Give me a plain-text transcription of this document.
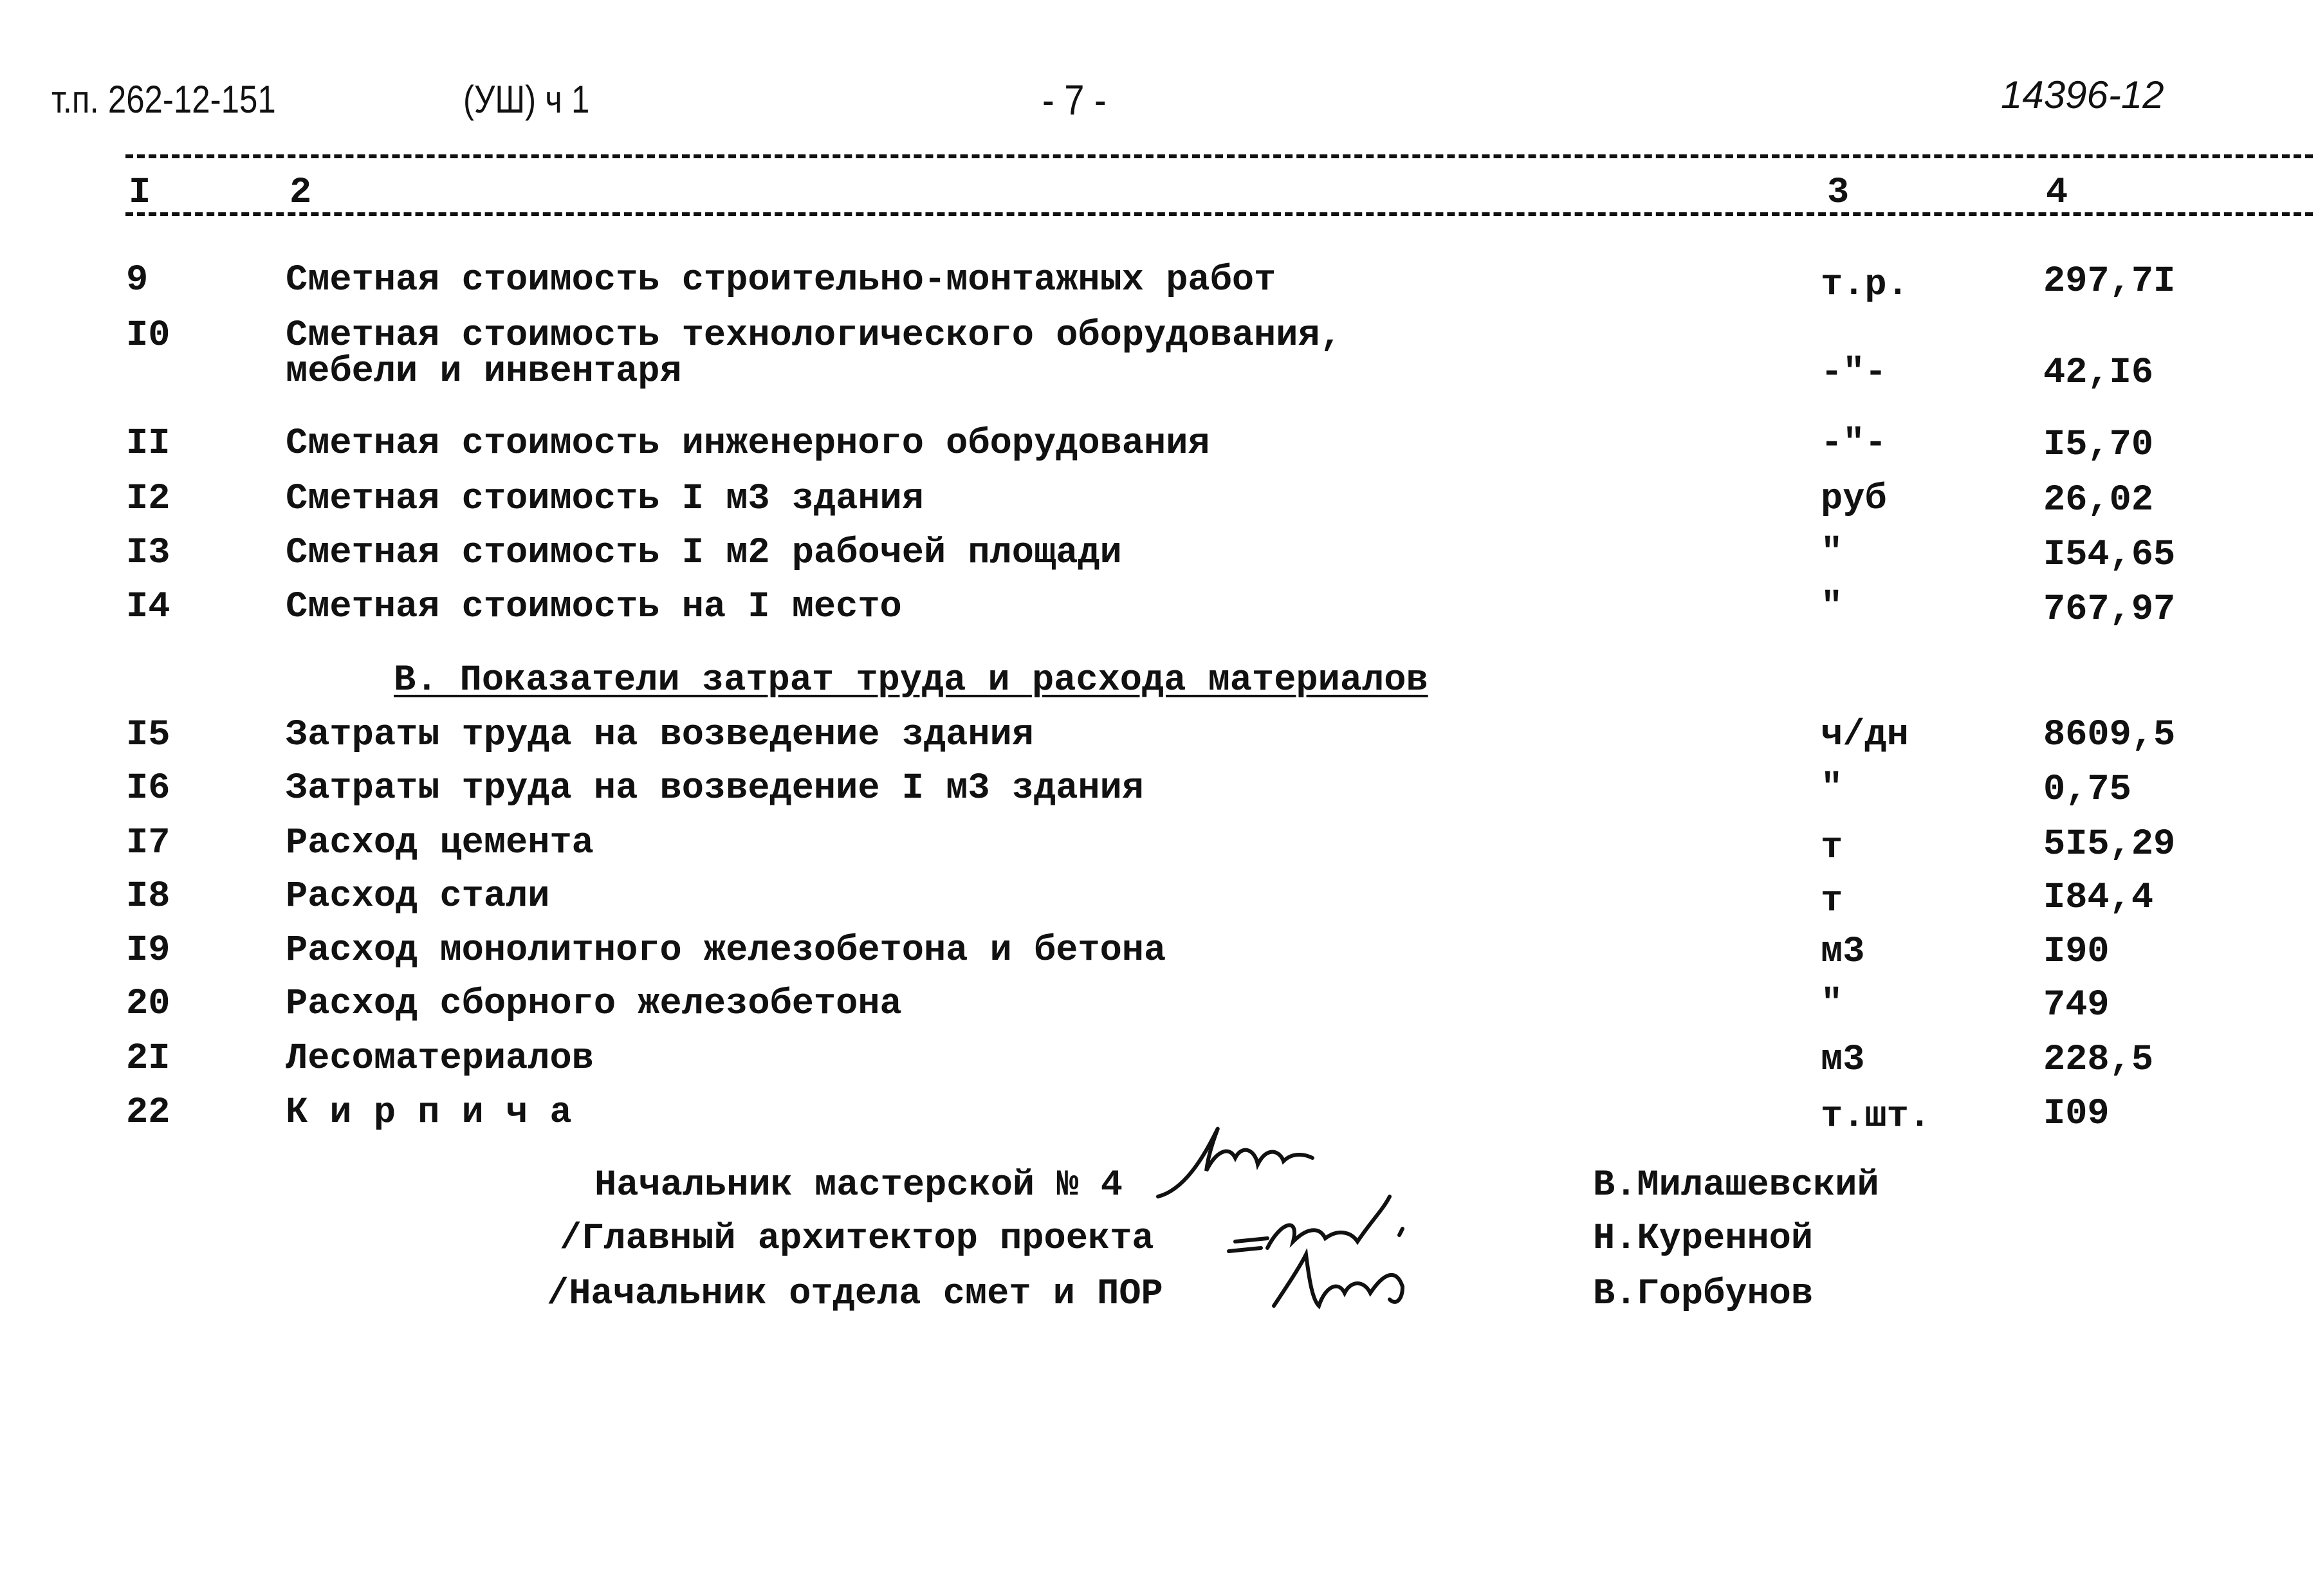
т.п. 262-12-151	(УШ) ч 1	- 7 -	14396-12
I	2	3	4
9	Сметная стоимость строительно-монтажных работ	т.р.	297,7I
I0	Сметная стоимость технологического оборудования,
мебели и инвентаря	-"-	42,I6
II	Сметная стоимость инженерного оборудования	-"-	I5,70
I2	Сметная стоимость I м3 здания	руб	26,02
I3	Сметная стоимость I м2 рабочей площади	"	I54,65
I4	Сметная стоимость на I место	"	767,97
В. Показатели затрат труда и расхода материалов
I5	Затраты труда на возведение здания	ч/дн	8609,5
I6	Затраты труда на возведение I м3 здания	"	0,75
I7	Расход цемента	т	5I5,29
I8	Расход стали	т	I84,4
I9	Расход монолитного железобетона и бетона	м3	I90
20	Расход сборного железобетона	"	749
2I	Лесоматериалов	м3	228,5
22	К и р п и ч а	т.шт.	I09
Начальник мастерской № 4	В.Милашевский
/Главный архитектор проекта	Н.Куренной
/Начальник отдела смет и ПОР	В.Горбунов
